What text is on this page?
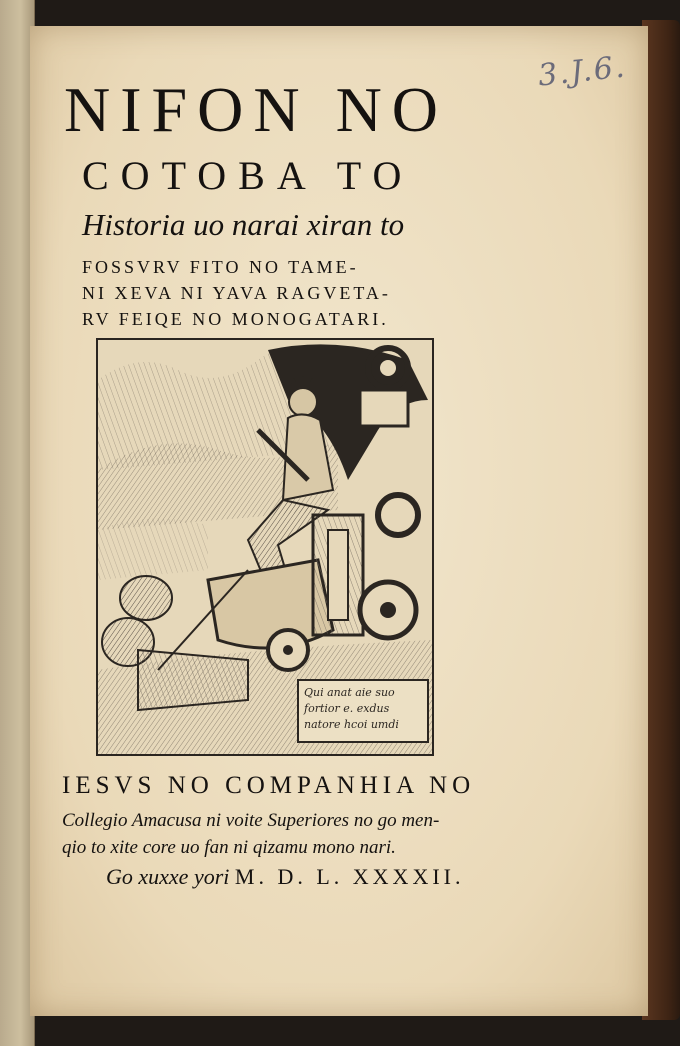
3.J.6.
NIFON NO
COTOBA TO
Historia uo narai xiran to
FOSSVRV FITO NO TAME-
NI XEVA NI YAVA RAGVETA-
RV FEIQE NO MONOGATARI.
Qui anat aie suo
fortior e. exdus
natore hcoi umdi
IESVS NO COMPANHIA NO
Collegio Amacusa ni voite Superiores no go men-
qio to xite core uo fan ni qizamu mono nari.
Go xuxxe yori M. D. L. XXXXII.
